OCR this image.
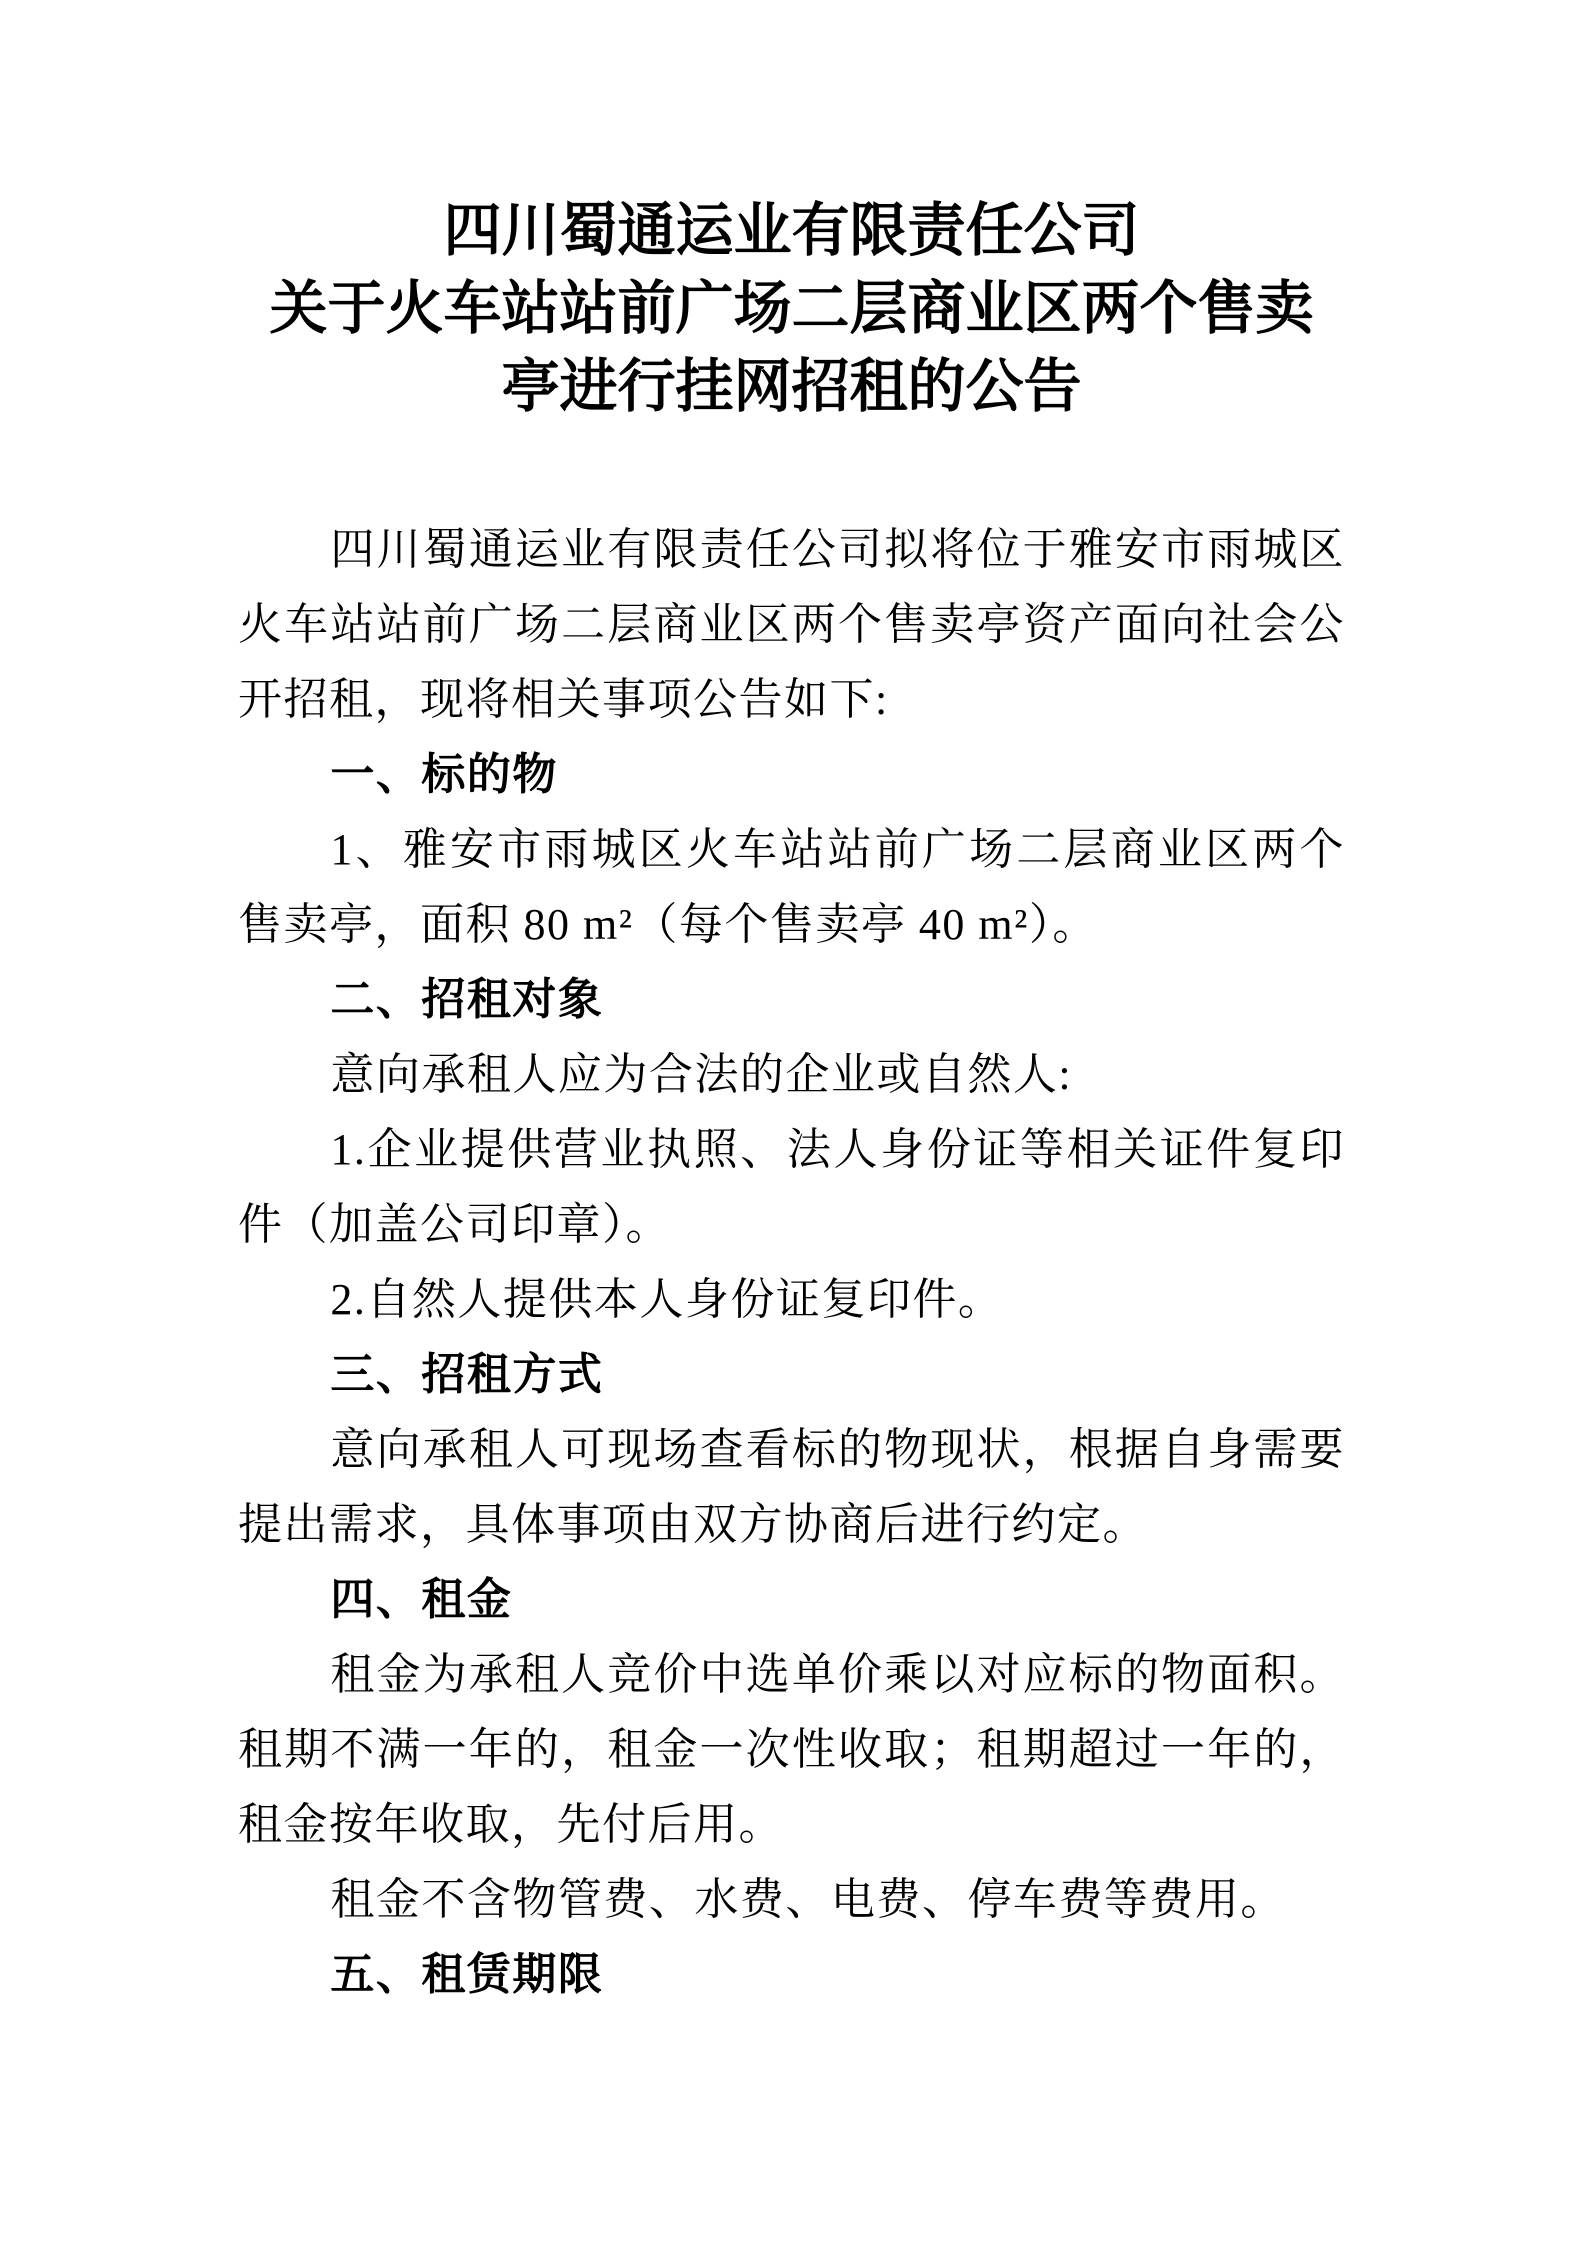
四川蜀通运业有限责任公司
关于火车站站前广场二层商业区两个售卖
亭进行挂网招租的公告

四川蜀通运业有限责任公司拟将位于雅安市雨城区火车站站前广场二层商业区两个售卖亭资产面向社会公开招租，现将相关事项公告如下:

一、标的物

1、雅安市雨城区火车站站前广场二层商业区两个售卖亭，面积 80 m²（每个售卖亭 40 m²）。

二、招租对象

意向承租人应为合法的企业或自然人:

1.企业提供营业执照、法人身份证等相关证件复印件（加盖公司印章）。

2.自然人提供本人身份证复印件。

三、招租方式

意向承租人可现场查看标的物现状，根据自身需要提出需求，具体事项由双方协商后进行约定。

四、租金

租金为承租人竞价中选单价乘以对应标的物面积。租期不满一年的，租金一次性收取；租期超过一年的，租金按年收取，先付后用。

租金不含物管费、水费、电费、停车费等费用。

五、租赁期限
